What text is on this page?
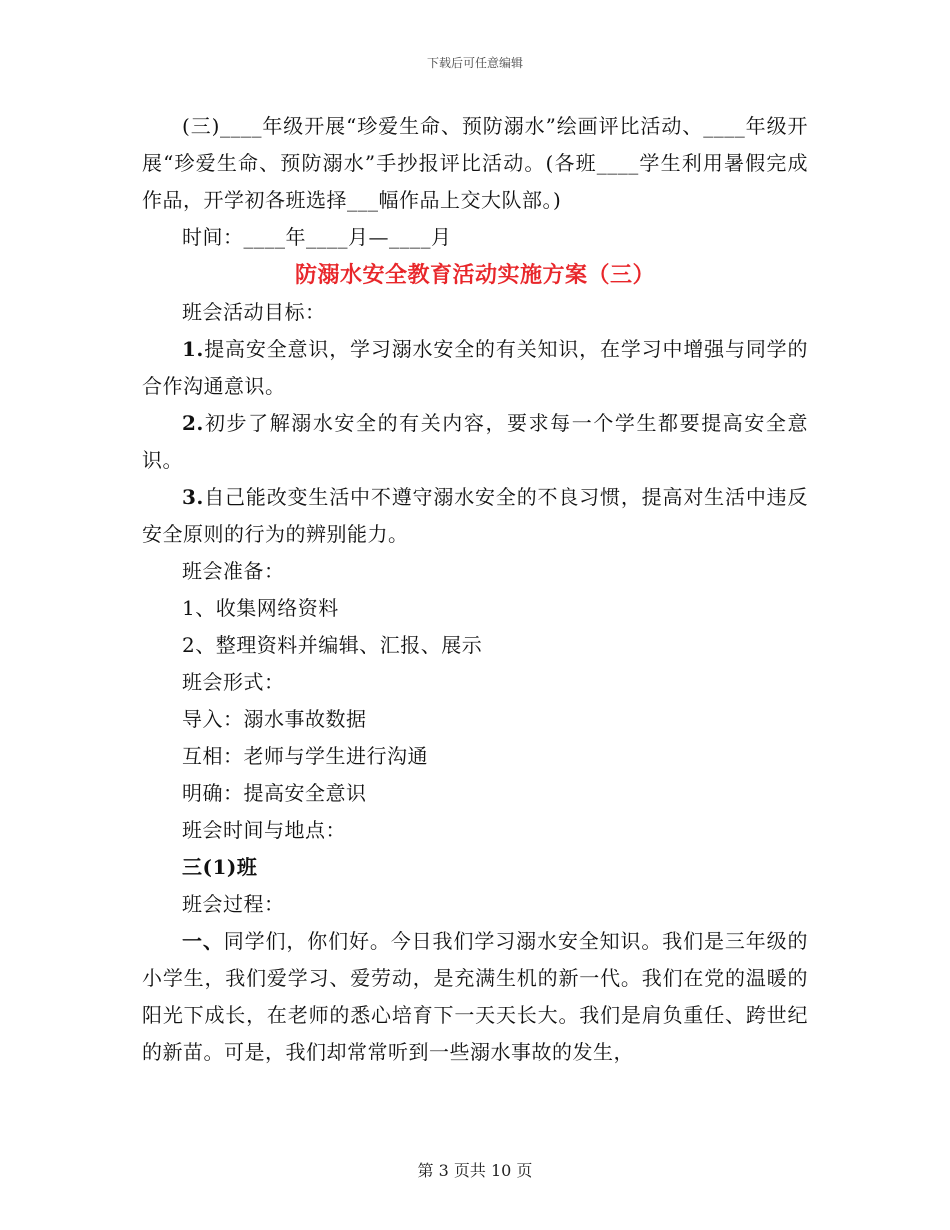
下载后可任意编辑

(三)____年级开展“珍爱生命、预防溺水”绘画评比活动、____年级开展“珍爱生命、预防溺水”手抄报评比活动。(各班____学生利用暑假完成作品，开学初各班选择___幅作品上交大队部。)

时间：____年____月—____月

防溺水安全教育活动实施方案（三）

班会活动目标：

1.提高安全意识，学习溺水安全的有关知识，在学习中增强与同学的合作沟通意识。

2.初步了解溺水安全的有关内容，要求每一个学生都要提高安全意识。

3.自己能改变生活中不遵守溺水安全的不良习惯，提高对生活中违反安全原则的行为的辨别能力。

班会准备：

1、收集网络资料

2、整理资料并编辑、汇报、展示

班会形式：

导入：溺水事故数据

互相：老师与学生进行沟通

明确：提高安全意识

班会时间与地点：

三(1)班

班会过程：

一、同学们，你们好。今日我们学习溺水安全知识。我们是三年级的小学生，我们爱学习、爱劳动，是充满生机的新一代。我们在党的温暖的阳光下成长，在老师的悉心培育下一天天长大。我们是肩负重任、跨世纪的新苗。可是，我们却常常听到一些溺水事故的发生，

第 3 页共 10 页
